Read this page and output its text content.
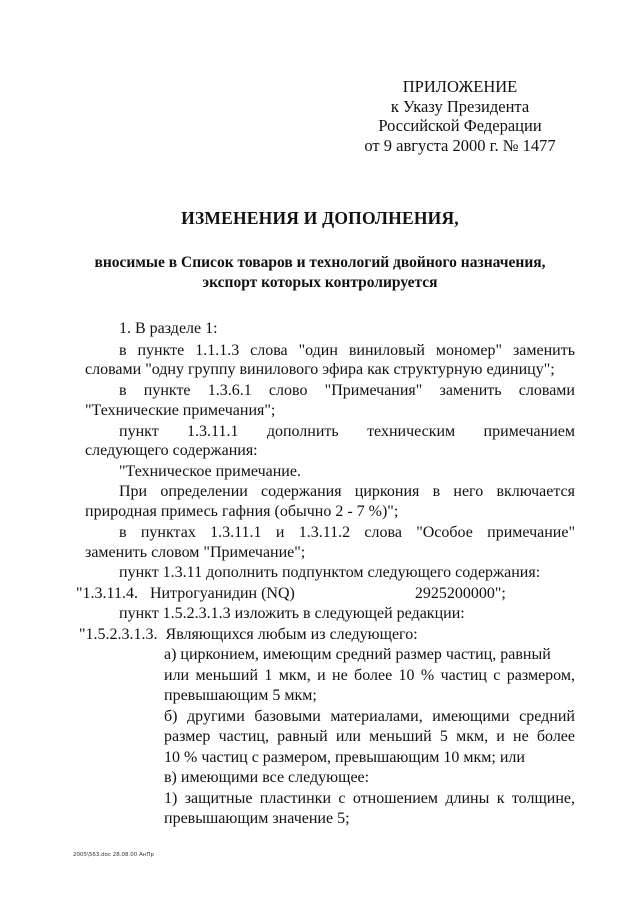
ПРИЛОЖЕНИЕ
к Указу Президента
Российской Федерации
от 9 августа 2000 г. № 1477
ИЗМЕНЕНИЯ И ДОПОЛНЕНИЯ,
вносимые в Список товаров и технологий двойного назначения,
экспорт которых контролируется
1. В разделе 1:
в пункте 1.1.1.3 слова "один виниловый мономер" заменить
словами "одну группу винилового эфира как структурную единицу";
в пункте 1.3.6.1 слово "Примечания" заменить словами
"Технические примечания";
пункт 1.3.11.1 дополнить техническим примечанием
следующего содержания:
"Техническое примечание.
При определении содержания циркония в него включается
природная примесь гафния (обычно 2 - 7 %)";
в пунктах 1.3.11.1 и 1.3.11.2 слова "Особое примечание"
заменить словом "Примечание";
пункт 1.3.11 дополнить подпунктом следующего содержания:
"1.3.11.4.   Нитрогуанидин (NQ)                              2925200000";
пункт 1.5.2.3.1.3 изложить в следующей редакции:
"1.5.2.3.1.3.  Являющихся любым из следующего:
а) цирконием, имеющим средний размер частиц, равный
или меньший 1 мкм, и не более 10 % частиц с размером,
превышающим 5 мкм;
б) другими базовыми материалами, имеющими средний
размер частиц, равный или меньший 5 мкм, и не более
10 % частиц с размером, превышающим 10 мкм; или
в) имеющими все следующее:
1) защитные пластинки с отношением длины к толщине,
превышающим значение 5;
2005\563.doc 28.08.00 АнПр
